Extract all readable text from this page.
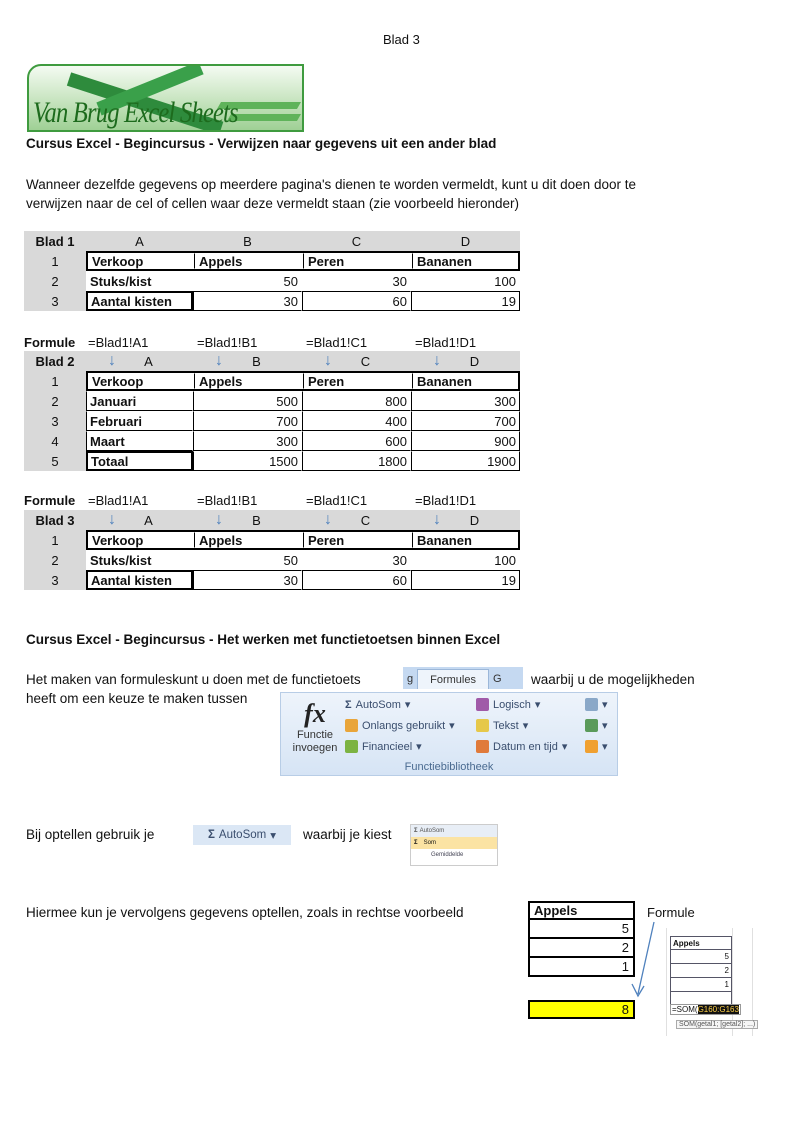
Blad 3
Van Brug Excel Sheets
Cursus Excel - Begincursus - Verwijzen naar gegevens uit een ander blad
Wanneer dezelfde gegevens op meerdere pagina's dienen te worden vermeldt, kunt u dit doen door te
verwijzen naar de cel of cellen waar deze vermeldt staan (zie voorbeeld hieronder)
Blad 1	A	B	C	D
1	Verkoop	Appels	Peren	Bananen
2	Stuks/kist	50	30	100
3	Aantal kisten	30	60	19
Formule =Blad1!A1	=Blad1!B1	=Blad1!C1	=Blad1!D1
Blad 2	↓ A	↓ B	↓ C	↓ D
1	Verkoop	Appels	Peren	Bananen
2	Januari	500	800	300
3	Februari	700	400	700
4	Maart	300	600	900
5	Totaal	1500	1800	1900
Formule =Blad1!A1	=Blad1!B1	=Blad1!C1	=Blad1!D1
Blad 3	↓ A	↓ B	↓ C	↓ D
1	Verkoop	Appels	Peren	Bananen
2	Stuks/kist	50	30	100
3	Aantal kisten	30	60	19
Cursus Excel - Begincursus - Het werken met functietoetsen binnen Excel
Het maken van formuleskunt u doen met de functietoets	g	Formules	G waarbij u de mogelijkheden
heeft om een keuze te maken tussen
fx
Functie
invoegen
Σ AutoSom ▾
Onlangs gebruikt ▾
Financieel ▾
Logisch ▾
Tekst ▾
Datum en tijd ▾
▾
▾
▾
Functiebibliotheek
Bij optellen gebruik je	Σ AutoSom ▾ waarbij je kiest	Σ AutoSom
Σ Som
Gemiddelde
Hiermee kun je vervolgens gegevens optellen, zoals in rechtse voorbeeld	Appels
5
2
1
8
Formule
Appels
5
2
1
=SOM(G160:G163
SOM(getal1; [getal2]; ...)
